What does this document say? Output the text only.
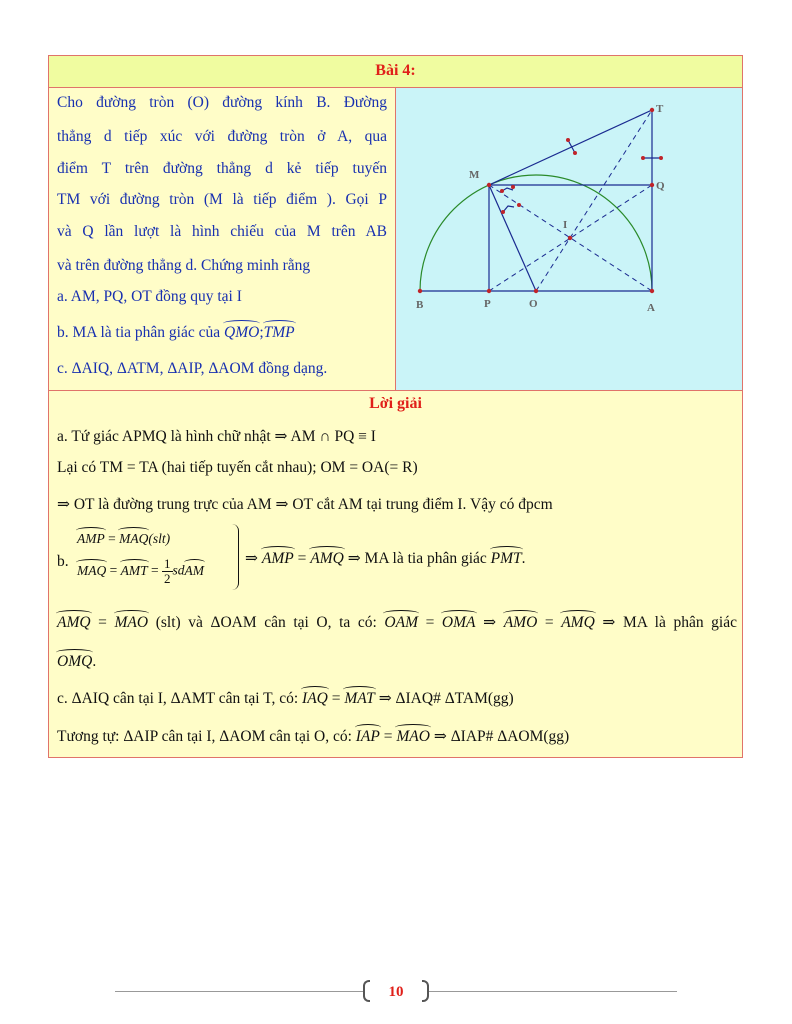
Bài 4:
Cho đường tròn (O) đường kính B. Đường
thẳng d tiếp xúc với đường tròn ở A, qua
điểm T trên đường thẳng d kẻ tiếp tuyến
TM với đường tròn (M là tiếp điểm ). Gọi P
và Q lần lượt là hình chiếu của M trên AB
và trên đường thẳng d. Chứng minh rằng
a. AM, PQ, OT đồng quy tại I
b. MA là tia phân giác của QMO;TMP
c. ΔAIQ, ΔATM, ΔAIP, ΔAOM đồng dạng.
T
M
Q
I
B	P	O	A
Lời giải
a. Tứ giác APMQ là hình chữ nhật ⇒ AM ∩ PQ ≡ I
Lại có TM = TA (hai tiếp tuyến cắt nhau); OM = OA(= R)
⇒ OT là đường trung trực của AM ⇒ OT cắt AM tại trung điểm I. Vậy có đpcm
b.
AMP = MAQ(slt)
MAQ = AMT = $\frac{1}{2}$ sdAM
⇒ AMP = AMQ ⇒ MA là tia phân giác PMT.
AMQ = MAO (slt) và ΔOAM cân tại O, ta có: OAM = OMA ⇒ AMO = AMQ ⇒ MA là phân giác
OMQ.
c. ΔAIQ cân tại I, ΔAMT cân tại T, có: IAQ = MAT ⇒ ΔIAQ# ΔTAM(gg)
Tương tự: ΔAIP cân tại I, ΔAOM cân tại O, có: IAP = MAO ⇒ ΔIAP# ΔAOM(gg)
10
